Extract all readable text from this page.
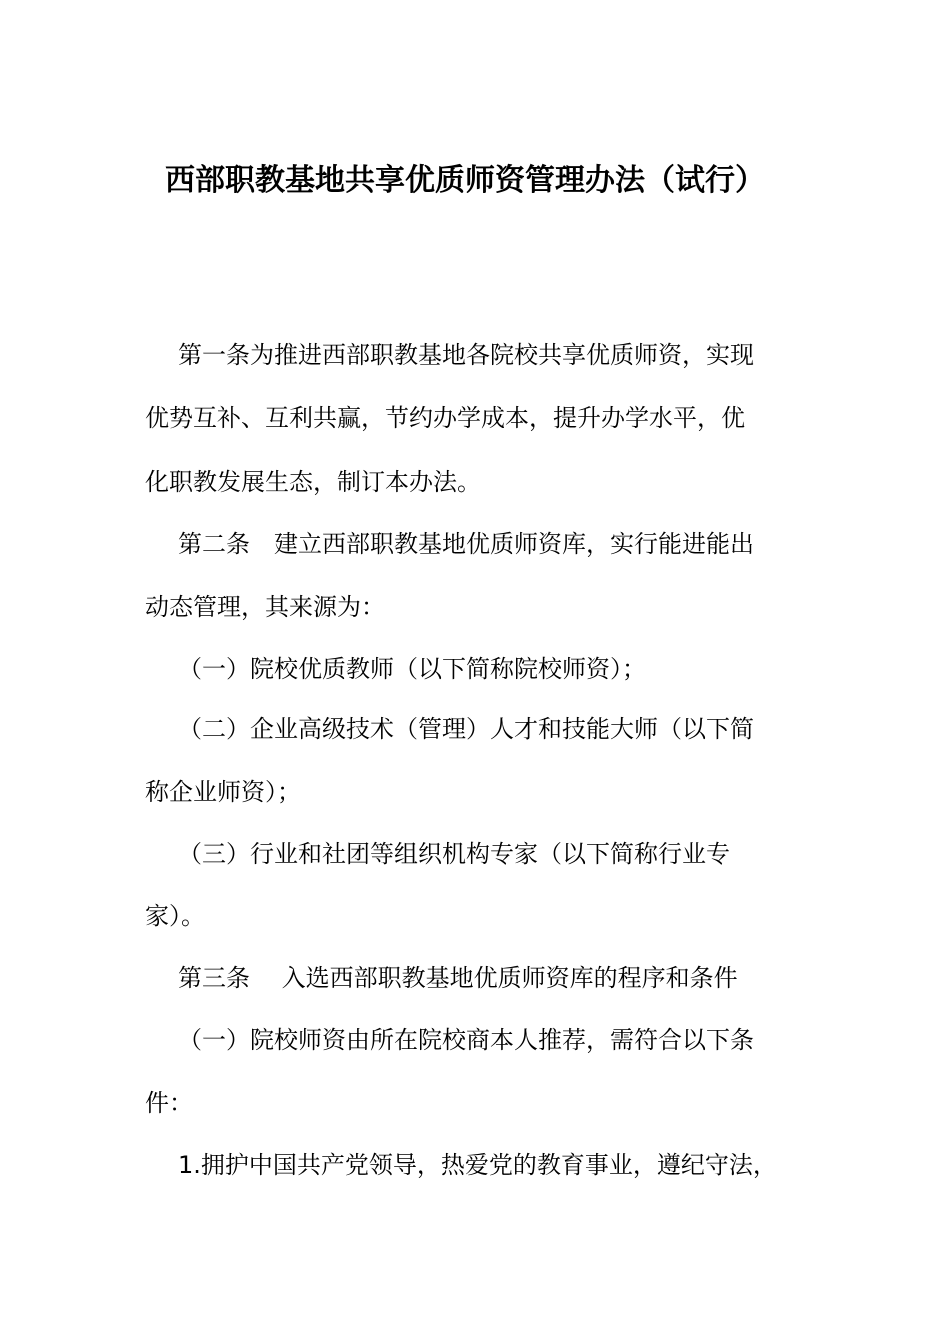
西部职教基地共享优质师资管理办法（试行）
第一条为推进西部职教基地各院校共享优质师资，实现
优势互补、互利共赢，节约办学成本，提升办学水平，优
化职教发展生态，制订本办法。
第二条　建立西部职教基地优质师资库，实行能进能出
动态管理，其来源为：
（一）院校优质教师（以下简称院校师资）；
（二）企业高级技术（管理）人才和技能大师（以下简
称企业师资）；
（三）行业和社团等组织机构专家（以下简称行业专
家）。
第三条　 入选西部职教基地优质师资库的程序和条件
（一）院校师资由所在院校商本人推荐，需符合以下条
件：
1.拥护中国共产党领导，热爱党的教育事业，遵纪守法，
